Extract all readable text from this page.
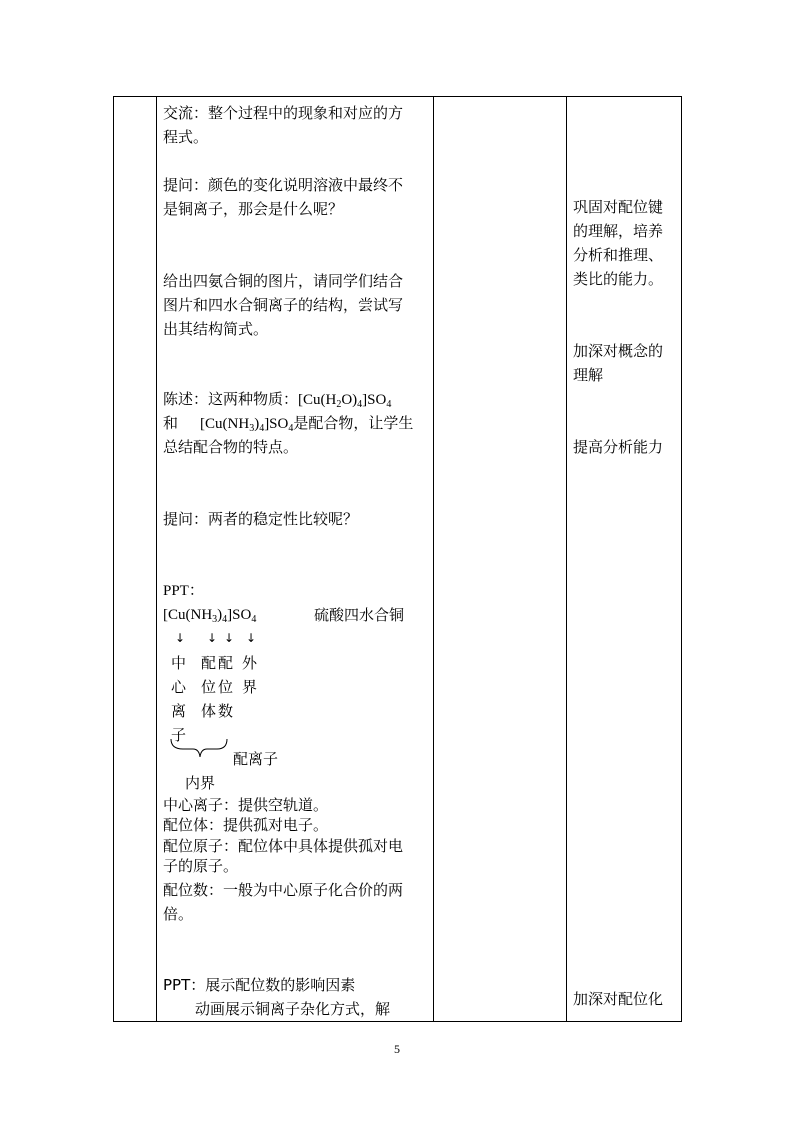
交流：整个过程中的现象和对应的方
程式。
提问：颜色的变化说明溶液中最终不
是铜离子，那会是什么呢？
给出四氨合铜的图片，请同学们结合
图片和四水合铜离子的结构，尝试写
出其结构简式。
陈述：这两种物质：$[Cu(H_2O)_4]SO_4$
和 $[Cu(NH_3)_4]SO_4$是配合物，让学生
总结配合物的特点。
提问：两者的稳定性比较呢？
PPT：
$[Cu(NH_3)_4]SO_4$	硫酸四水合铜
↓ ↓ ↓ ↓
中
心
离
子
配
位
体
配
位
数
外
界
配离子
内界
中心离子：提供空轨道。
配位体：提供孤对电子。
配位原子：配位体中具体提供孤对电
子的原子。
配位数：一般为中心原子化合价的两
倍。
PPT：展示配位数的影响因素
动画展示铜离子杂化方式，解

巩固对配位键
的理解，培养
分析和推理、
类比的能力。
加深对概念的
理解
提高分析能力
加深对配位化
5
